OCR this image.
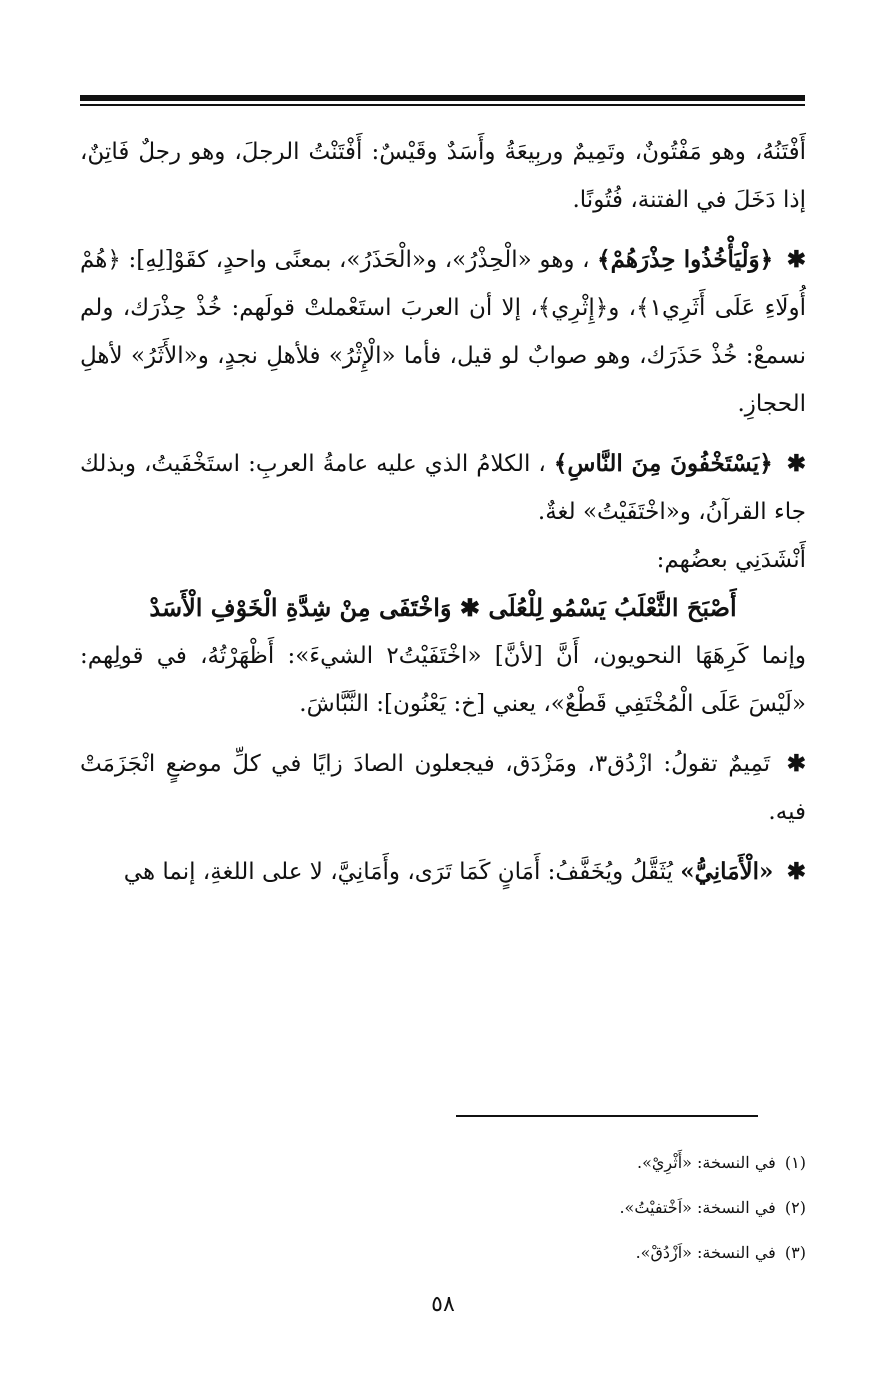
أَفْتَنُهُ، وهو مَفْتُونٌ، وتَمِيمٌ وربِيعَةُ وأَسَدٌ وقَيْسٌ: أَفْتَنْتُ الرجلَ، وهو رجلٌ فَاتِنٌ، إذا دَخَلَ في الفتنة، فُتُونًا.

✱ ﴿وَلْيَأْخُذُوا حِذْرَهُمْ﴾ ، وهو «الْحِذْرُ»، و«الْحَذَرُ»، بمعنًى واحدٍ، كقَوْ[لِهِ]: ﴿هُمْ أُولَاءِ عَلَى أَثَرِي١﴾، و﴿إِثْرِي﴾، إلا أن العربَ استَعْملتْ قولَهم: خُذْ حِذْرَك، ولم نسمعْ: خُذْ حَذَرَك، وهو صوابٌ لو قيل، فأما «الْإِثْرُ» فلأهلِ نجدٍ، و«الأَثَرُ» لأهلِ الحجازِ.

✱ ﴿يَسْتَخْفُونَ مِنَ النَّاسِ﴾ ، الكلامُ الذي عليه عامةُ العربِ: استَخْفَيتُ، وبذلك جاء القرآنُ، و«اخْتَفَيْتُ» لغةٌ.

أَنْشَدَنِي بعضُهم:

أَصْبَحَ الثَّعْلَبُ يَسْمُو لِلْعُلَى ✱ وَاخْتَفَى مِنْ شِدَّةِ الْخَوْفِ الْأَسَدْ

وإنما كَرِهَهَا النحويون، أَنَّ [لأنَّ] «اخْتَفَيْتُ٢ الشيءَ»: أَظْهَرْتُهُ، في قولِهم: «لَيْسَ عَلَى الْمُخْتَفِي قَطْعٌ»، يعني [خ: يَعْنُون]: النَّبَّاشَ.

✱ تَمِيمٌ تقولُ: ازْدُق٣، ومَزْدَق، فيجعلون الصادَ زايًا في كلِّ موضعٍ انْجَزَمَتْ فيه.

✱ «الْأَمَانِيُّ» يُثَقَّلُ ويُخَفَّفُ: أَمَانٍ كَمَا تَرَى، وأَمَانِيَّ، لا على اللغةِ، إنما هي

(١) في النسخة: «أَثْرِيْ».
(٢) في النسخة: «اَخْتفيْتُ».
(٣) في النسخة: «اَزْدُقْ».
٥٨
